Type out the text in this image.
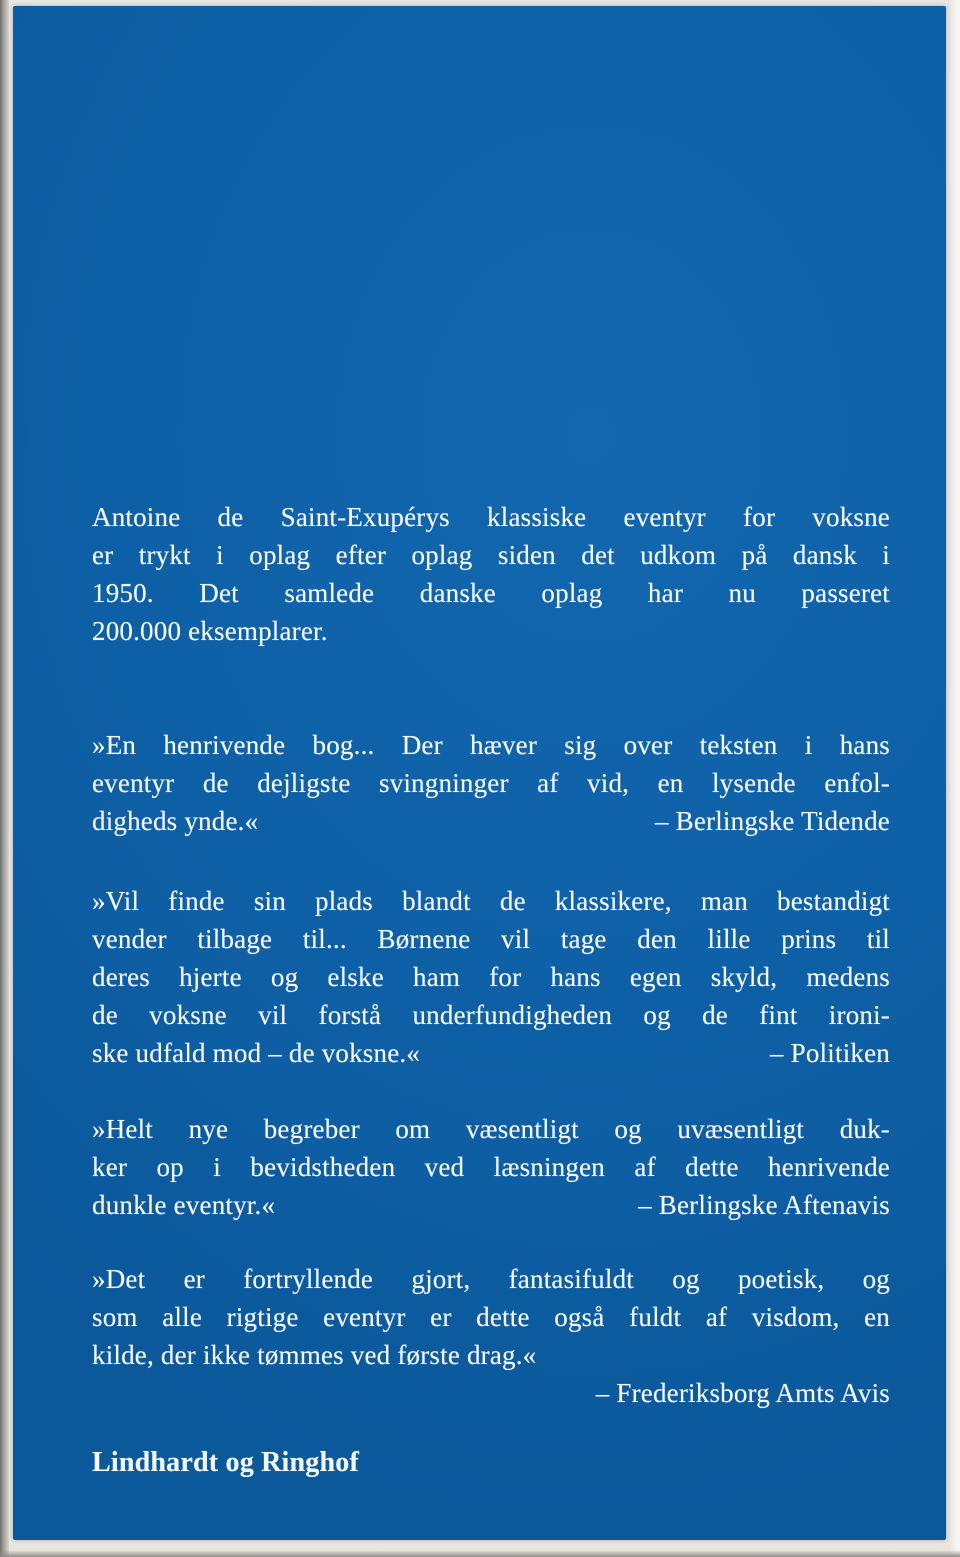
Antoine de Saint-Exupérys klassiske eventyr for voksne
er trykt i oplag efter oplag siden det udkom på dansk i
1950. Det samlede danske oplag har nu passeret
200.000 eksemplarer.
»En henrivende bog... Der hæver sig over teksten i hans
eventyr de dejligste svingninger af vid, en lysende enfol-
digheds ynde.«	– Berlingske Tidende
»Vil finde sin plads blandt de klassikere, man bestandigt
vender tilbage til... Børnene vil tage den lille prins til
deres hjerte og elske ham for hans egen skyld, medens
de voksne vil forstå underfundigheden og de fint ironi-
ske udfald mod – de voksne.«	– Politiken
»Helt nye begreber om væsentligt og uvæsentligt duk-
ker op i bevidstheden ved læsningen af dette henrivende
dunkle eventyr.«	– Berlingske Aftenavis
»Det er fortryllende gjort, fantasifuldt og poetisk, og
som alle rigtige eventyr er dette også fuldt af visdom, en
kilde, der ikke tømmes ved første drag.«
– Frederiksborg Amts Avis
Lindhardt og Ringhof
